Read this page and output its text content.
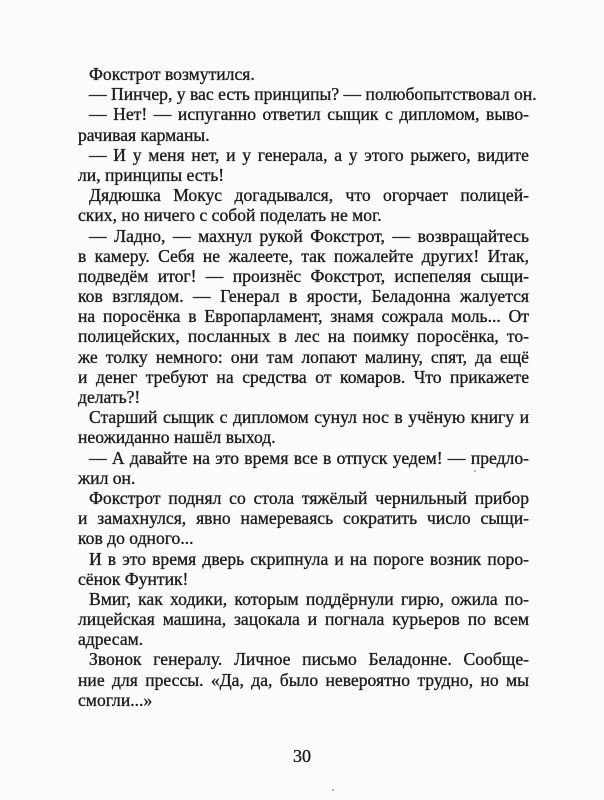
Фокстрот возмутился.
— Пинчер, у вас есть принципы? — полюбопытствовал он.
— Нет! — испуганно ответил сыщик с дипломом, выво-
рачивая карманы.
— И у меня нет, и у генерала, а у этого рыжего, видите
ли, принципы есть!
Дядюшка Мокус догадывался, что огорчает полицей-
ских, но ничего с собой поделать не мог.
— Ладно, — махнул рукой Фокстрот, — возвращайтесь
в камеру. Себя не жалеете, так пожалейте других! Итак,
подведём итог! — произнёс Фокстрот, испепеляя сыщи-
ков взглядом. — Генерал в ярости, Беладонна жалуется
на поросёнка в Европарламент, знамя сожрала моль... От
полицейских, посланных в лес на поимку поросёнка, то-
же толку немного: они там лопают малину, спят, да ещё
и денег требуют на средства от комаров. Что прикажете
делать?!
Старший сыщик с дипломом сунул нос в учёную книгу и
неожиданно нашёл выход.
— А давайте на это время все в отпуск уедем! — предло-
жил он.
Фокстрот поднял со стола тяжёлый чернильный прибор
и замахнулся, явно намереваясь сократить число сыщи-
ков до одного...
И в это время дверь скрипнула и на пороге возник поро-
сёнок Фунтик!
Вмиг, как ходики, которым поддёрнули гирю, ожила по-
лицейская машина, зацокала и погнала курьеров по всем
адресам.
Звонок генералу. Личное письмо Беладонне. Сообще-
ние для прессы. «Да, да, было невероятно трудно, но мы
смогли...»
30
